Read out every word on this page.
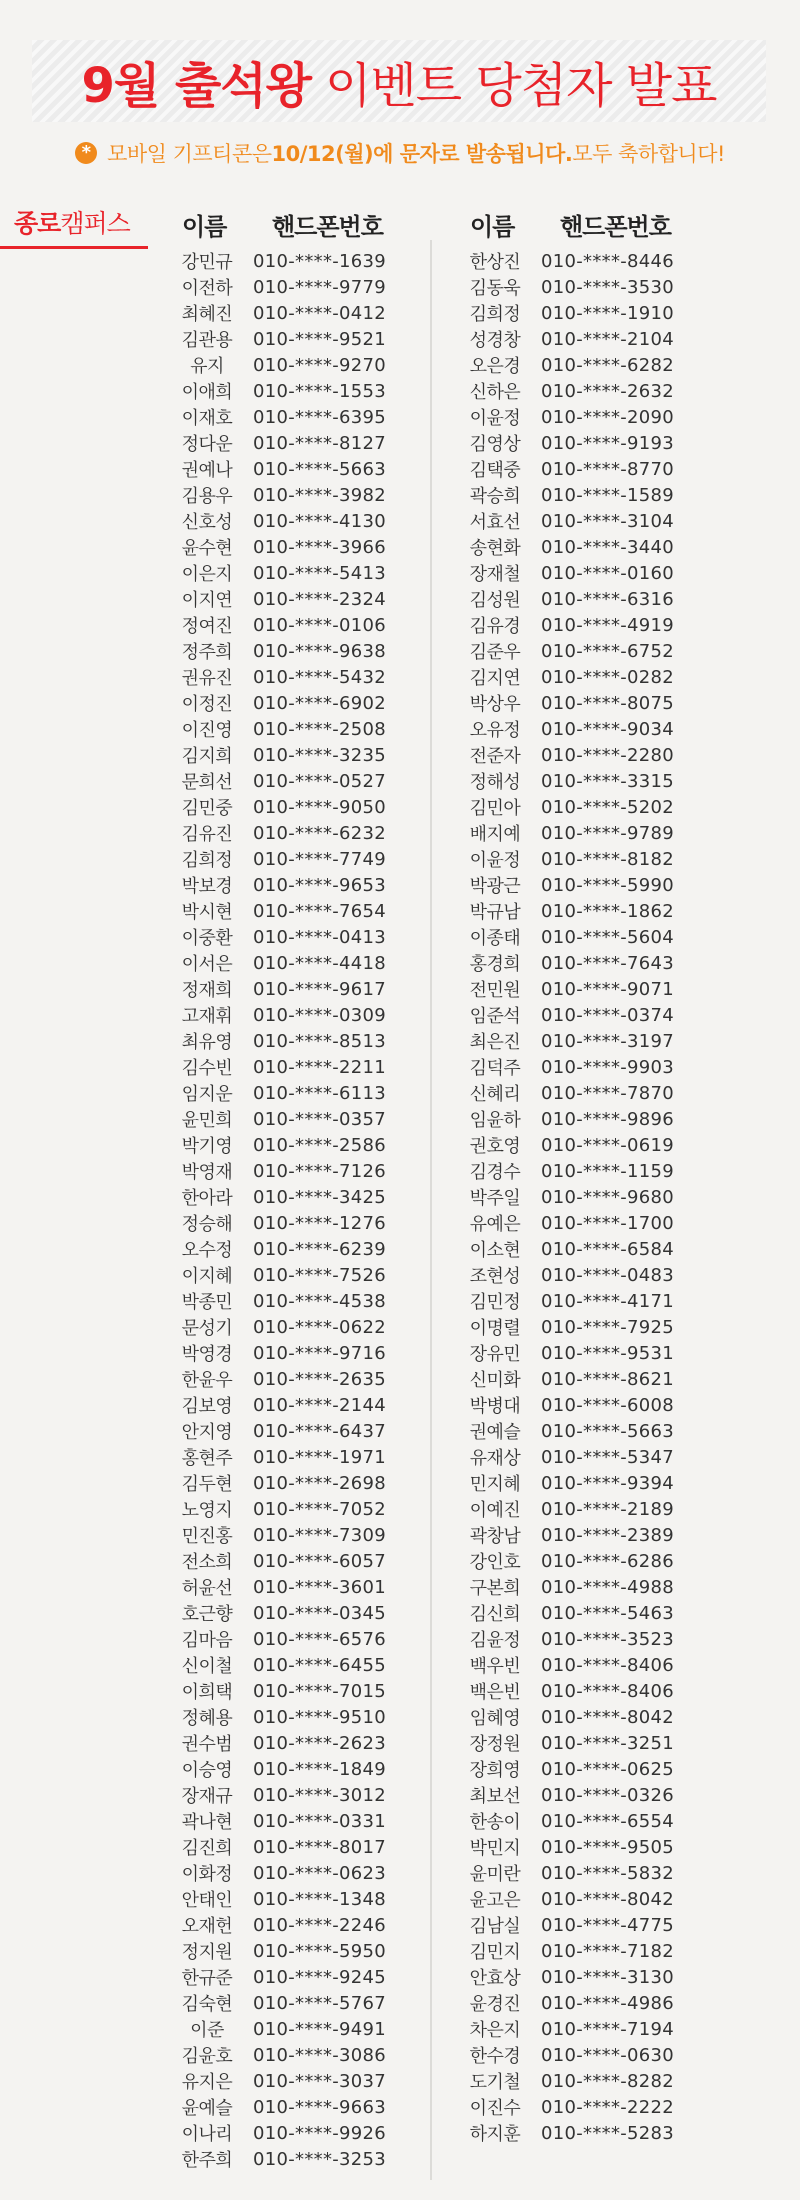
9월 출석왕 이벤트 당첨자 발표
* 모바일 기프티콘은 10/12(월)에 문자로 발송됩니다. 모두 축하합니다!
종로캠퍼스 이름 핸드폰번호	이름 핸드폰번호
강민규	010-****-1639
이전하	010-****-9779
최혜진	010-****-0412
김관용	010-****-9521
유지	010-****-9270
이애희	010-****-1553
이재호	010-****-6395
정다운	010-****-8127
권예나	010-****-5663
김용우	010-****-3982
신호성	010-****-4130
윤수현	010-****-3966
이은지	010-****-5413
이지연	010-****-2324
정여진	010-****-0106
정주희	010-****-9638
권유진	010-****-5432
이정진	010-****-6902
이진영	010-****-2508
김지희	010-****-3235
문희선	010-****-0527
김민중	010-****-9050
김유진	010-****-6232
김희정	010-****-7749
박보경	010-****-9653
박시현	010-****-7654
이중환	010-****-0413
이서은	010-****-4418
정재희	010-****-9617
고재휘	010-****-0309
최유영	010-****-8513
김수빈	010-****-2211
임지운	010-****-6113
윤민희	010-****-0357
박기영	010-****-2586
박영재	010-****-7126
한아라	010-****-3425
정승해	010-****-1276
오수정	010-****-6239
이지혜	010-****-7526
박종민	010-****-4538
문성기	010-****-0622
박영경	010-****-9716
한윤우	010-****-2635
김보영	010-****-2144
안지영	010-****-6437
홍현주	010-****-1971
김두현	010-****-2698
노영지	010-****-7052
민진홍	010-****-7309
전소희	010-****-6057
허윤선	010-****-3601
호근향	010-****-0345
김마음	010-****-6576
신이철	010-****-6455
이희택	010-****-7015
정혜용	010-****-9510
권수범	010-****-2623
이승영	010-****-1849
장재규	010-****-3012
곽나현	010-****-0331
김진희	010-****-8017
이화정	010-****-0623
안태인	010-****-1348
오재헌	010-****-2246
정지원	010-****-5950
한규준	010-****-9245
김숙현	010-****-5767
이준	010-****-9491
김윤호	010-****-3086
유지은	010-****-3037
윤예슬	010-****-9663
이나리	010-****-9926
한주희	010-****-3253
한상진	010-****-8446
김동욱	010-****-3530
김희정	010-****-1910
성경창	010-****-2104
오은경	010-****-6282
신하은	010-****-2632
이윤정	010-****-2090
김영상	010-****-9193
김택중	010-****-8770
곽승희	010-****-1589
서효선	010-****-3104
송현화	010-****-3440
장재철	010-****-0160
김성원	010-****-6316
김유경	010-****-4919
김준우	010-****-6752
김지연	010-****-0282
박상우	010-****-8075
오유정	010-****-9034
전준자	010-****-2280
정해성	010-****-3315
김민아	010-****-5202
배지예	010-****-9789
이윤정	010-****-8182
박광근	010-****-5990
박규남	010-****-1862
이종태	010-****-5604
홍경희	010-****-7643
전민원	010-****-9071
임준석	010-****-0374
최은진	010-****-3197
김덕주	010-****-9903
신혜리	010-****-7870
임윤하	010-****-9896
권호영	010-****-0619
김경수	010-****-1159
박주일	010-****-9680
유예은	010-****-1700
이소현	010-****-6584
조현성	010-****-0483
김민정	010-****-4171
이명렬	010-****-7925
장유민	010-****-9531
신미화	010-****-8621
박병대	010-****-6008
권예슬	010-****-5663
유재상	010-****-5347
민지혜	010-****-9394
이예진	010-****-2189
곽창남	010-****-2389
강인호	010-****-6286
구본희	010-****-4988
김신희	010-****-5463
김윤정	010-****-3523
백우빈	010-****-8406
백은빈	010-****-8406
임혜영	010-****-8042
장정원	010-****-3251
장희영	010-****-0625
최보선	010-****-0326
한송이	010-****-6554
박민지	010-****-9505
윤미란	010-****-5832
윤고은	010-****-8042
김남실	010-****-4775
김민지	010-****-7182
안효상	010-****-3130
윤경진	010-****-4986
차은지	010-****-7194
한수경	010-****-0630
도기철	010-****-8282
이진수	010-****-2222
하지훈	010-****-5283
